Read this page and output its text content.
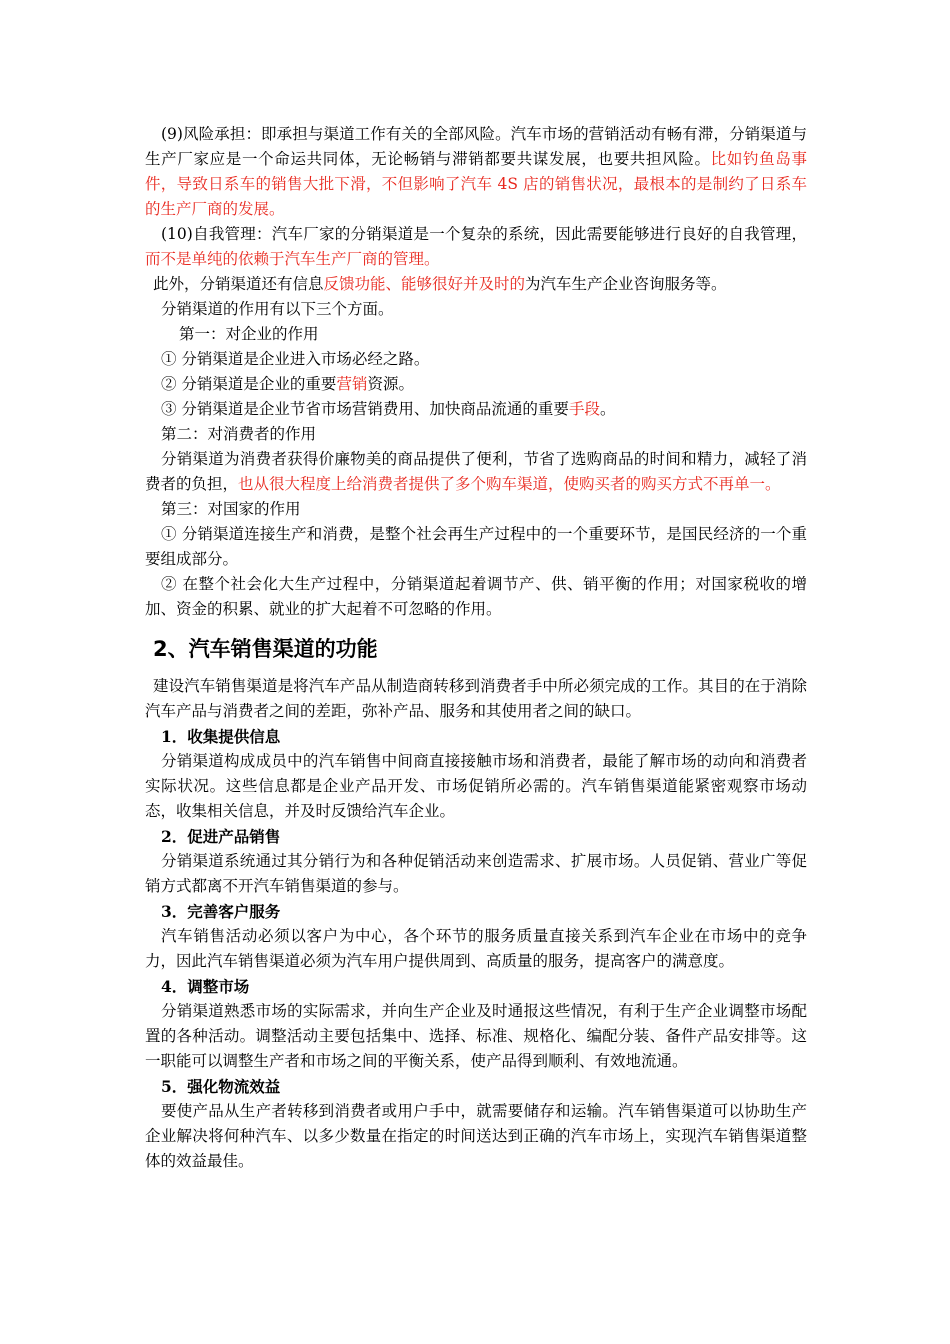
(9)风险承担：即承担与渠道工作有关的全部风险。汽车市场的营销活动有畅有滞，分销渠道与生产厂家应是一个命运共同体，无论畅销与滞销都要共谋发展，也要共担风险。比如钓鱼岛事件，导致日系车的销售大批下滑，不但影响了汽车 4S 店的销售状况，最根本的是制约了日系车的生产厂商的发展。

(10)自我管理：汽车厂家的分销渠道是一个复杂的系统，因此需要能够进行良好的自我管理，而不是单纯的依赖于汽车生产厂商的管理。

此外，分销渠道还有信息反馈功能、能够很好并及时的为汽车生产企业咨询服务等。

分销渠道的作用有以下三个方面。

第一：对企业的作用

① 分销渠道是企业进入市场必经之路。

② 分销渠道是企业的重要营销资源。

③ 分销渠道是企业节省市场营销费用、加快商品流通的重要手段。

第二：对消费者的作用

分销渠道为消费者获得价廉物美的商品提供了便利，节省了选购商品的时间和精力，减轻了消费者的负担，也从很大程度上给消费者提供了多个购车渠道，使购买者的购买方式不再单一。

第三：对国家的作用

① 分销渠道连接生产和消费，是整个社会再生产过程中的一个重要环节，是国民经济的一个重要组成部分。

② 在整个社会化大生产过程中，分销渠道起着调节产、供、销平衡的作用；对国家税收的增加、资金的积累、就业的扩大起着不可忽略的作用。

2、汽车销售渠道的功能

建设汽车销售渠道是将汽车产品从制造商转移到消费者手中所必须完成的工作。其目的在于消除汽车产品与消费者之间的差距，弥补产品、服务和其使用者之间的缺口。

1．收集提供信息

分销渠道构成成员中的汽车销售中间商直接接触市场和消费者，最能了解市场的动向和消费者实际状况。这些信息都是企业产品开发、市场促销所必需的。汽车销售渠道能紧密观察市场动态，收集相关信息，并及时反馈给汽车企业。

2．促进产品销售

分销渠道系统通过其分销行为和各种促销活动来创造需求、扩展市场。人员促销、营业广等促销方式都离不开汽车销售渠道的参与。

3．完善客户服务

汽车销售活动必须以客户为中心，各个环节的服务质量直接关系到汽车企业在市场中的竞争力，因此汽车销售渠道必须为汽车用户提供周到、高质量的服务，提高客户的满意度。

4．调整市场

分销渠道熟悉市场的实际需求，并向生产企业及时通报这些情况，有利于生产企业调整市场配置的各种活动。调整活动主要包括集中、选择、标准、规格化、编配分装、备件产品安排等。这一职能可以调整生产者和市场之间的平衡关系，使产品得到顺利、有效地流通。

5．强化物流效益

要使产品从生产者转移到消费者或用户手中，就需要储存和运输。汽车销售渠道可以协助生产企业解决将何种汽车、以多少数量在指定的时间送达到正确的汽车市场上，实现汽车销售渠道整体的效益最佳。
